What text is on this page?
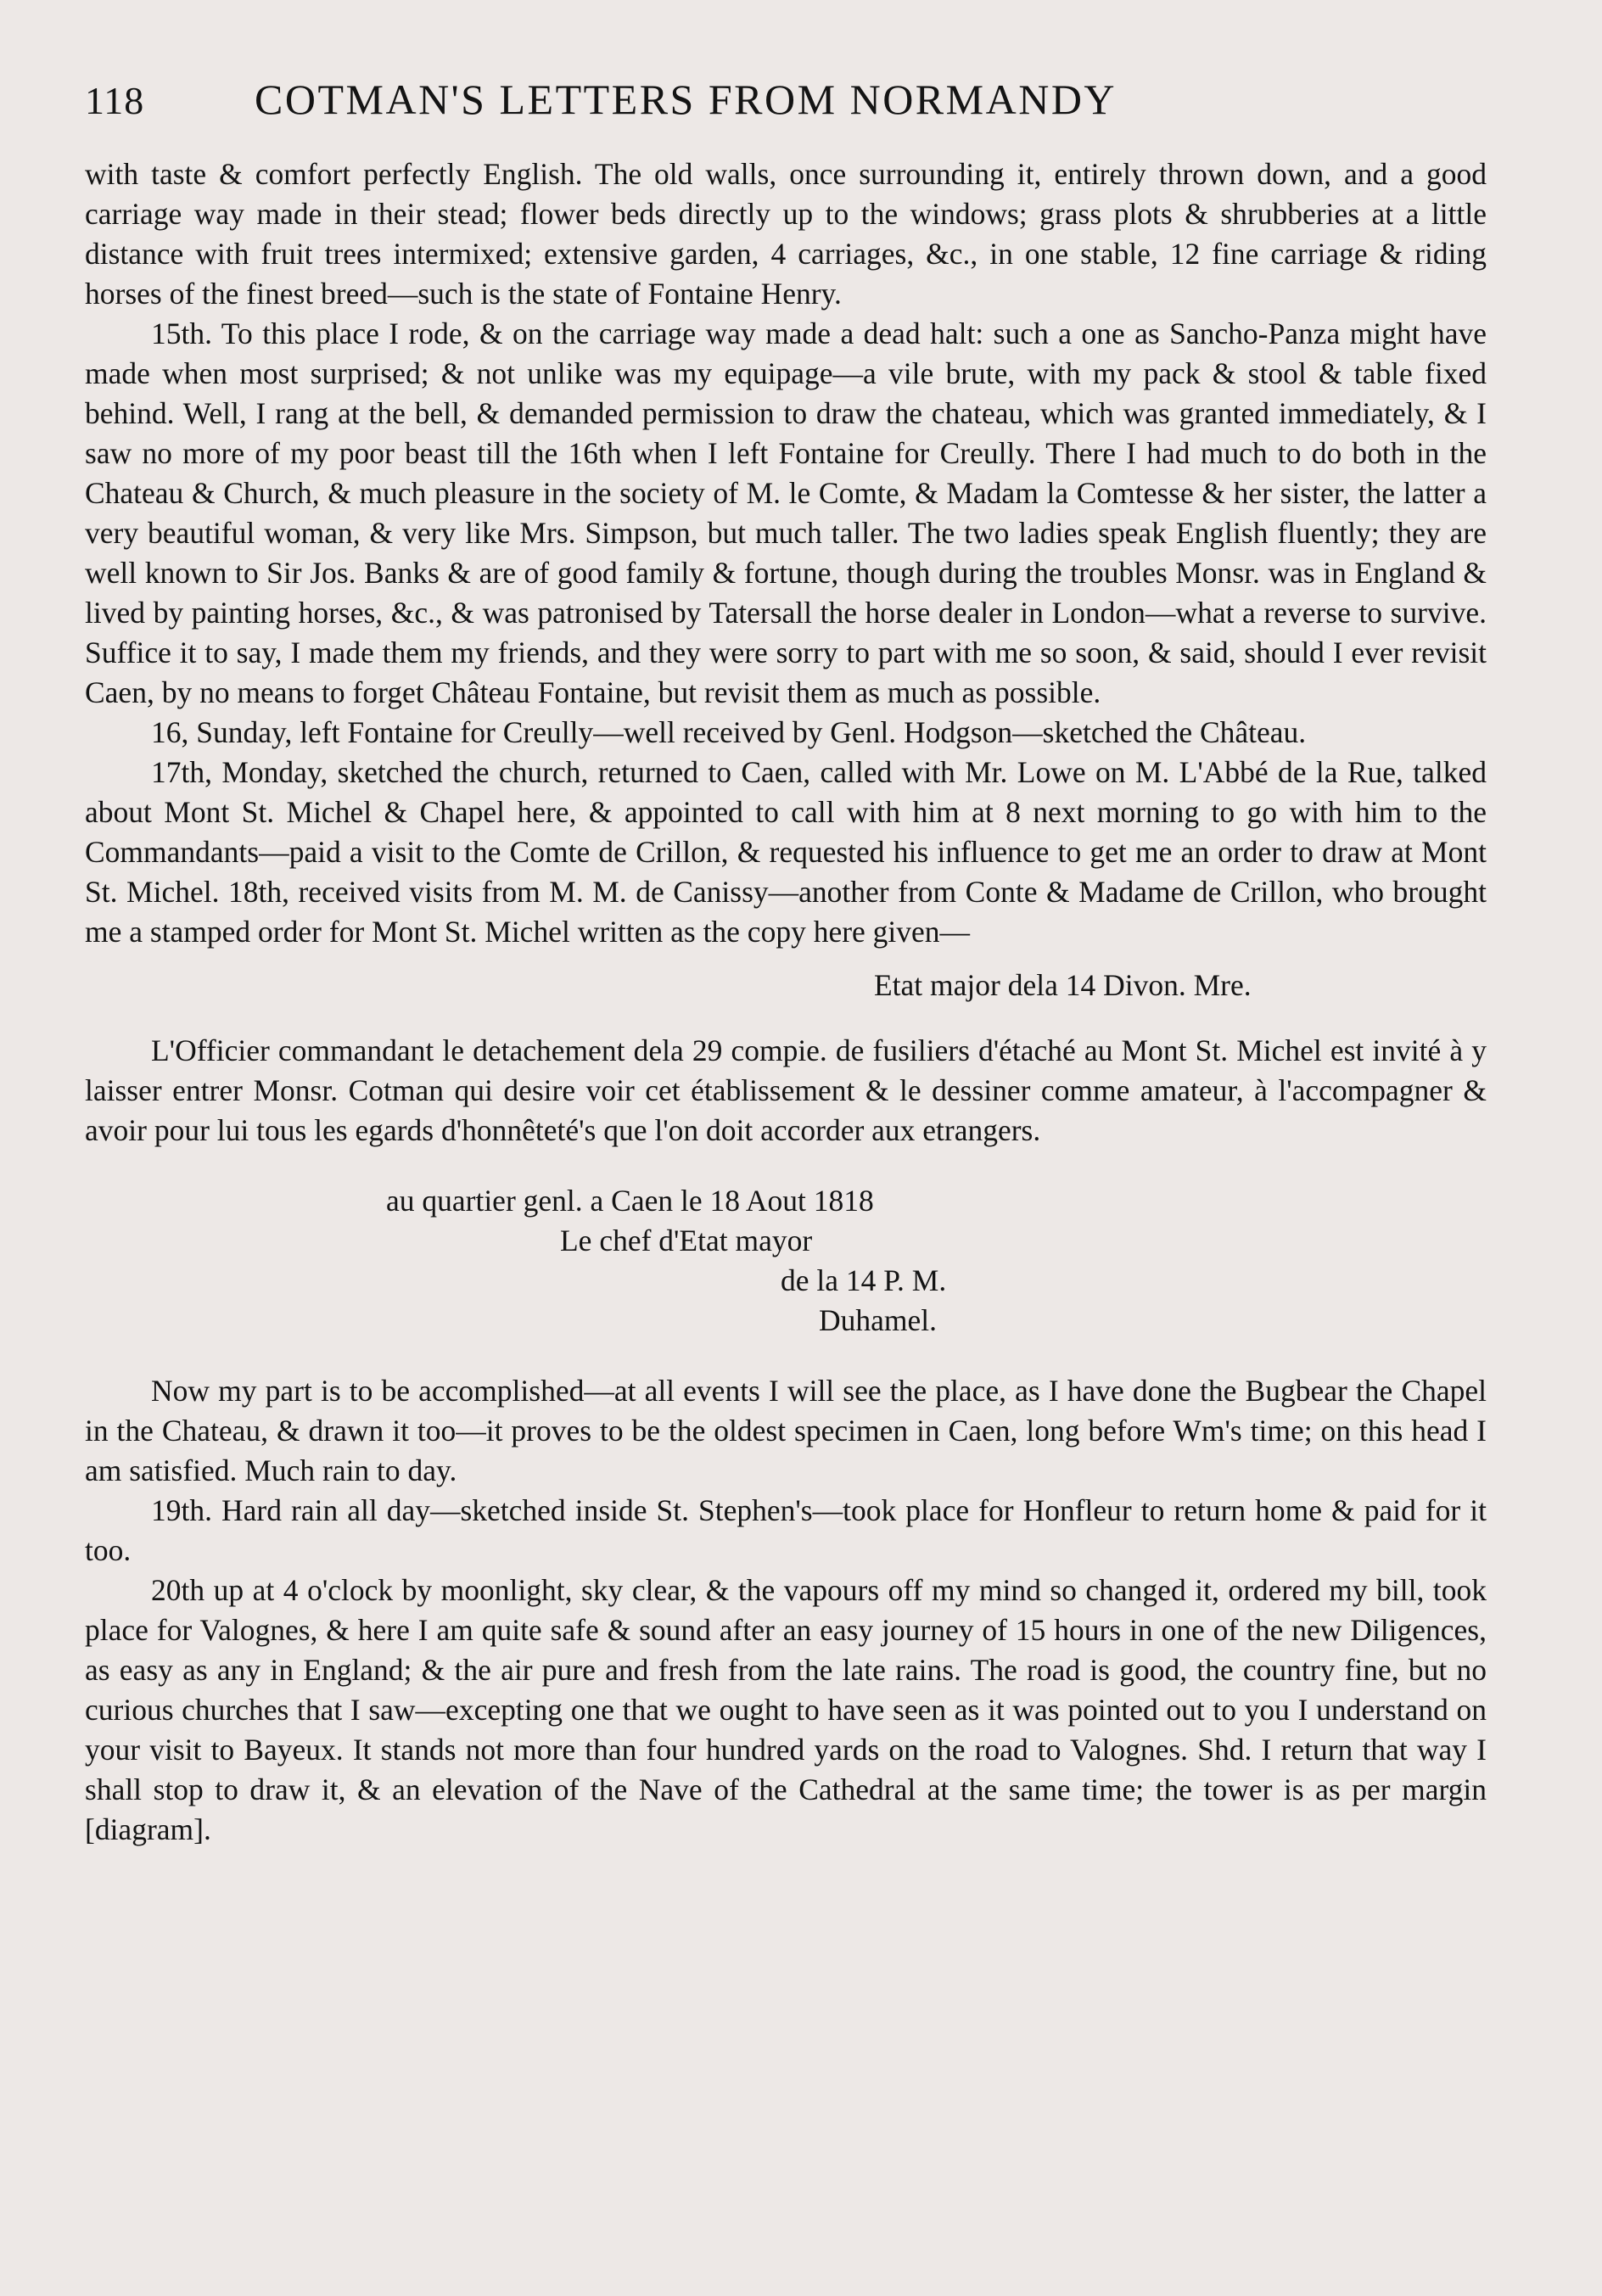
118	COTMAN'S LETTERS FROM NORMANDY

with taste & comfort perfectly English. The old walls, once surrounding it, entirely thrown down, and a good carriage way made in their stead; flower beds directly up to the windows; grass plots & shrubberies at a little distance with fruit trees intermixed; extensive garden, 4 carriages, &c., in one stable, 12 fine carriage & riding horses of the finest breed—such is the state of Fontaine Henry.

15th. To this place I rode, & on the carriage way made a dead halt: such a one as Sancho-Panza might have made when most surprised; & not unlike was my equipage—a vile brute, with my pack & stool & table fixed behind. Well, I rang at the bell, & demanded permission to draw the chateau, which was granted immediately, & I saw no more of my poor beast till the 16th when I left Fontaine for Creully. There I had much to do both in the Chateau & Church, & much pleasure in the society of M. le Comte, & Madam la Comtesse & her sister, the latter a very beautiful woman, & very like Mrs. Simpson, but much taller. The two ladies speak English fluently; they are well known to Sir Jos. Banks & are of good family & fortune, though during the troubles Monsr. was in England & lived by painting horses, &c., & was patronised by Tatersall the horse dealer in London—what a reverse to survive. Suffice it to say, I made them my friends, and they were sorry to part with me so soon, & said, should I ever revisit Caen, by no means to forget Château Fontaine, but revisit them as much as possible.

16, Sunday, left Fontaine for Creully—well received by Genl. Hodgson—sketched the Château.

17th, Monday, sketched the church, returned to Caen, called with Mr. Lowe on M. L'Abbé de la Rue, talked about Mont St. Michel & Chapel here, & appointed to call with him at 8 next morning to go with him to the Commandants—paid a visit to the Comte de Crillon, & requested his influence to get me an order to draw at Mont St. Michel. 18th, received visits from M. M. de Canissy—another from Conte & Madame de Crillon, who brought me a stamped order for Mont St. Michel written as the copy here given—

Etat major dela 14 Divon. Mre.

L'Officier commandant le detachement dela 29 compie. de fusiliers d'étaché au Mont St. Michel est invité à y laisser entrer Monsr. Cotman qui desire voir cet établissement & le dessiner comme amateur, à l'accompagner & avoir pour lui tous les egards d'honnêteté's que l'on doit accorder aux etrangers.

au quartier genl. a Caen le 18 Aout 1818

Le chef d'Etat mayor

de la 14 P. M.

Duhamel.

Now my part is to be accomplished—at all events I will see the place, as I have done the Bugbear the Chapel in the Chateau, & drawn it too—it proves to be the oldest specimen in Caen, long before Wm's time; on this head I am satisfied. Much rain to day.

19th. Hard rain all day—sketched inside St. Stephen's—took place for Honfleur to return home & paid for it too.

20th up at 4 o'clock by moonlight, sky clear, & the vapours off my mind so changed it, ordered my bill, took place for Valognes, & here I am quite safe & sound after an easy journey of 15 hours in one of the new Diligences, as easy as any in England; & the air pure and fresh from the late rains. The road is good, the country fine, but no curious churches that I saw—excepting one that we ought to have seen as it was pointed out to you I understand on your visit to Bayeux. It stands not more than four hundred yards on the road to Valognes. Shd. I return that way I shall stop to draw it, & an elevation of the Nave of the Cathedral at the same time; the tower is as per margin [diagram].
